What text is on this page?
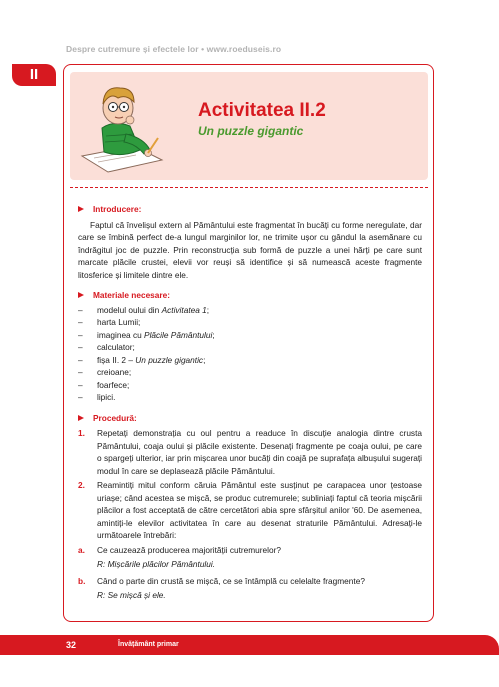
Despre cutremure și efectele lor • www.roeduseis.ro
II
Activitatea II.2
Un puzzle gigantic
Introducere:

Faptul că învelișul extern al Pământului este fragmentat în bucăți cu forme neregulate, dar care se îmbină perfect de-a lungul marginilor lor, ne trimite ușor cu gândul la asemănare cu îndrăgitul joc de puzzle. Prin reconstrucția sub formă de puzzle a unei hărți pe care sunt marcate plăcile crustei, elevii vor reuși să identifice și să numească aceste fragmente litosferice și limitele dintre ele.

Materiale necesare:
–	modelul oului din Activitatea 1;
–	harta Lumii;
–	imaginea cu Plăcile Pământului;
–	calculator;
–	fișa II. 2 – Un puzzle gigantic;
–	creioane;
–	foarfece;
–	lipici.
Procedură:
1.	Repetați demonstrația cu oul pentru a readuce în discuție analogia dintre crusta Pământului, coaja oului și plăcile existente. Desenați fragmente pe coaja oului, pe care o spargeți ulterior, iar prin mișcarea unor bucăți din coajă pe suprafața albușului sugerați modul în care se deplasează plăcile Pământului.
2.	Reamintiți mitul conform căruia Pământul este susținut pe carapacea unor țestoase uriașe; când acestea se mișcă, se produc cutremurele; subliniați faptul că teoria mișcării plăcilor a fost acceptată de către cercetători abia spre sfârșitul anilor '60. De asemenea, amintiți-le elevilor activitatea în care au desenat straturile Pământului. Adresați-le următoarele întrebări:
a.	Ce cauzează producerea majorității cutremurelor?
R: Mișcările plăcilor Pământului.
b.	Când o parte din crustă se mișcă, ce se întâmplă cu celelalte fragmente?
R: Se mișcă și ele.
32	Învățământ primar
